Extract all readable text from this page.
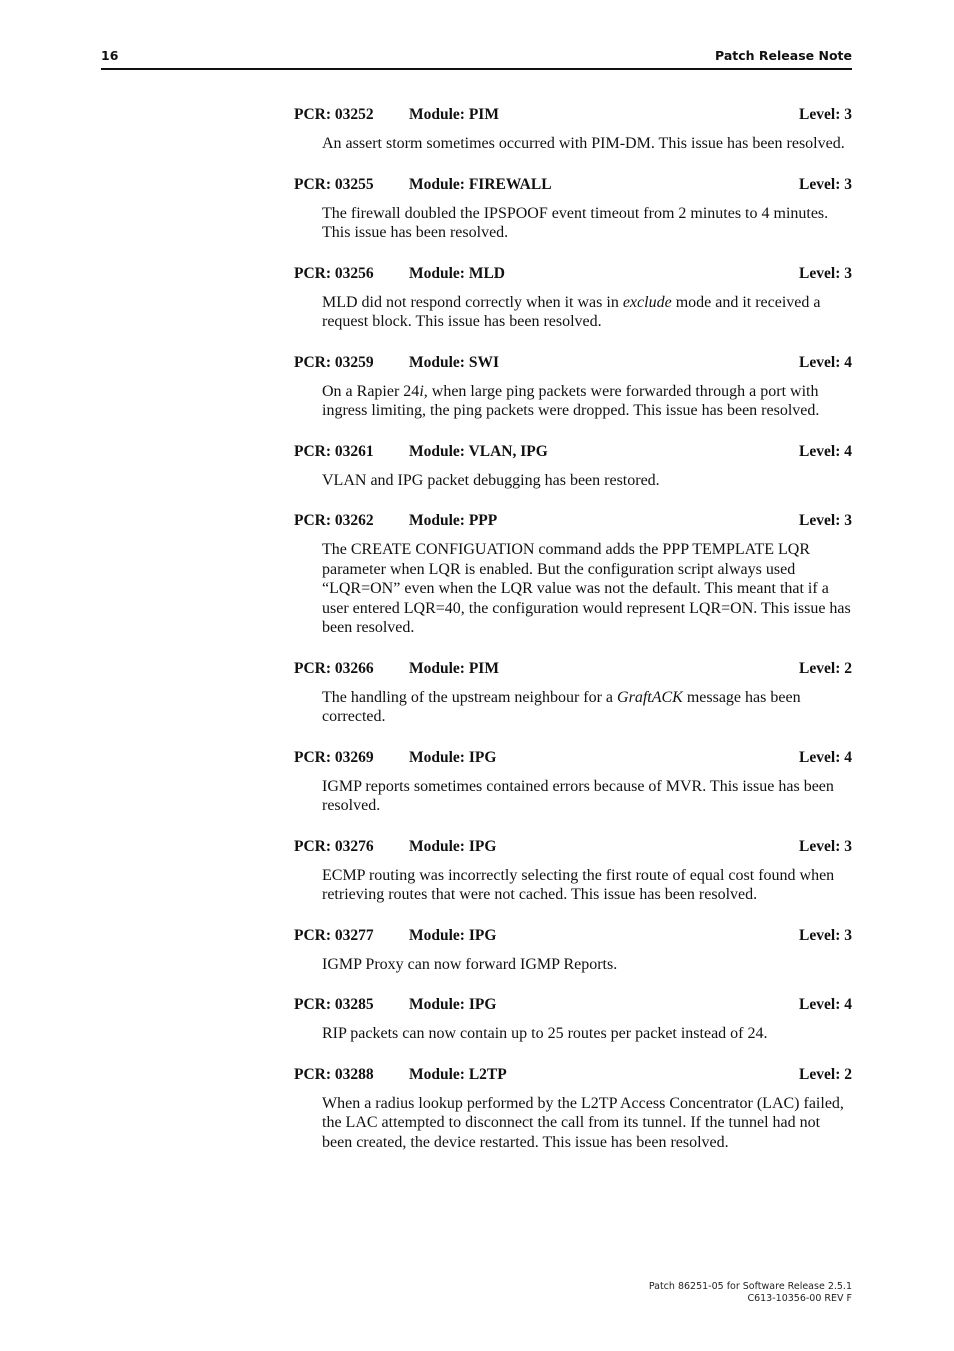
16	Patch Release Note
PCR: 03252 Module: PIM	Level: 3
An assert storm sometimes occurred with PIM-DM. This issue has been resolved.
PCR: 03255 Module: FIREWALL	Level: 3
The firewall doubled the IPSPOOF event timeout from 2 minutes to 4 minutes. This issue has been resolved.
PCR: 03256 Module: MLD	Level: 3
MLD did not respond correctly when it was in exclude mode and it received a request block. This issue has been resolved.
PCR: 03259 Module: SWI	Level: 4
On a Rapier 24i, when large ping packets were forwarded through a port with ingress limiting, the ping packets were dropped. This issue has been resolved.
PCR: 03261 Module: VLAN, IPG	Level: 4
VLAN and IPG packet debugging has been restored.
PCR: 03262 Module: PPP	Level: 3
The CREATE CONFIGUATION command adds the PPP TEMPLATE LQR parameter when LQR is enabled. But the configuration script always used “LQR=ON” even when the LQR value was not the default. This meant that if a user entered LQR=40, the configuration would represent LQR=ON. This issue has been resolved.
PCR: 03266 Module: PIM	Level: 2
The handling of the upstream neighbour for a GraftACK message has been corrected.
PCR: 03269 Module: IPG	Level: 4
IGMP reports sometimes contained errors because of MVR. This issue has been resolved.
PCR: 03276 Module: IPG	Level: 3
ECMP routing was incorrectly selecting the first route of equal cost found when retrieving routes that were not cached. This issue has been resolved.
PCR: 03277 Module: IPG	Level: 3
IGMP Proxy can now forward IGMP Reports.
PCR: 03285 Module: IPG	Level: 4
RIP packets can now contain up to 25 routes per packet instead of 24.
PCR: 03288 Module: L2TP	Level: 2
When a radius lookup performed by the L2TP Access Concentrator (LAC) failed, the LAC attempted to disconnect the call from its tunnel. If the tunnel had not been created, the device restarted. This issue has been resolved.
Patch 86251-05 for Software Release 2.5.1
C613-10356-00 REV F
